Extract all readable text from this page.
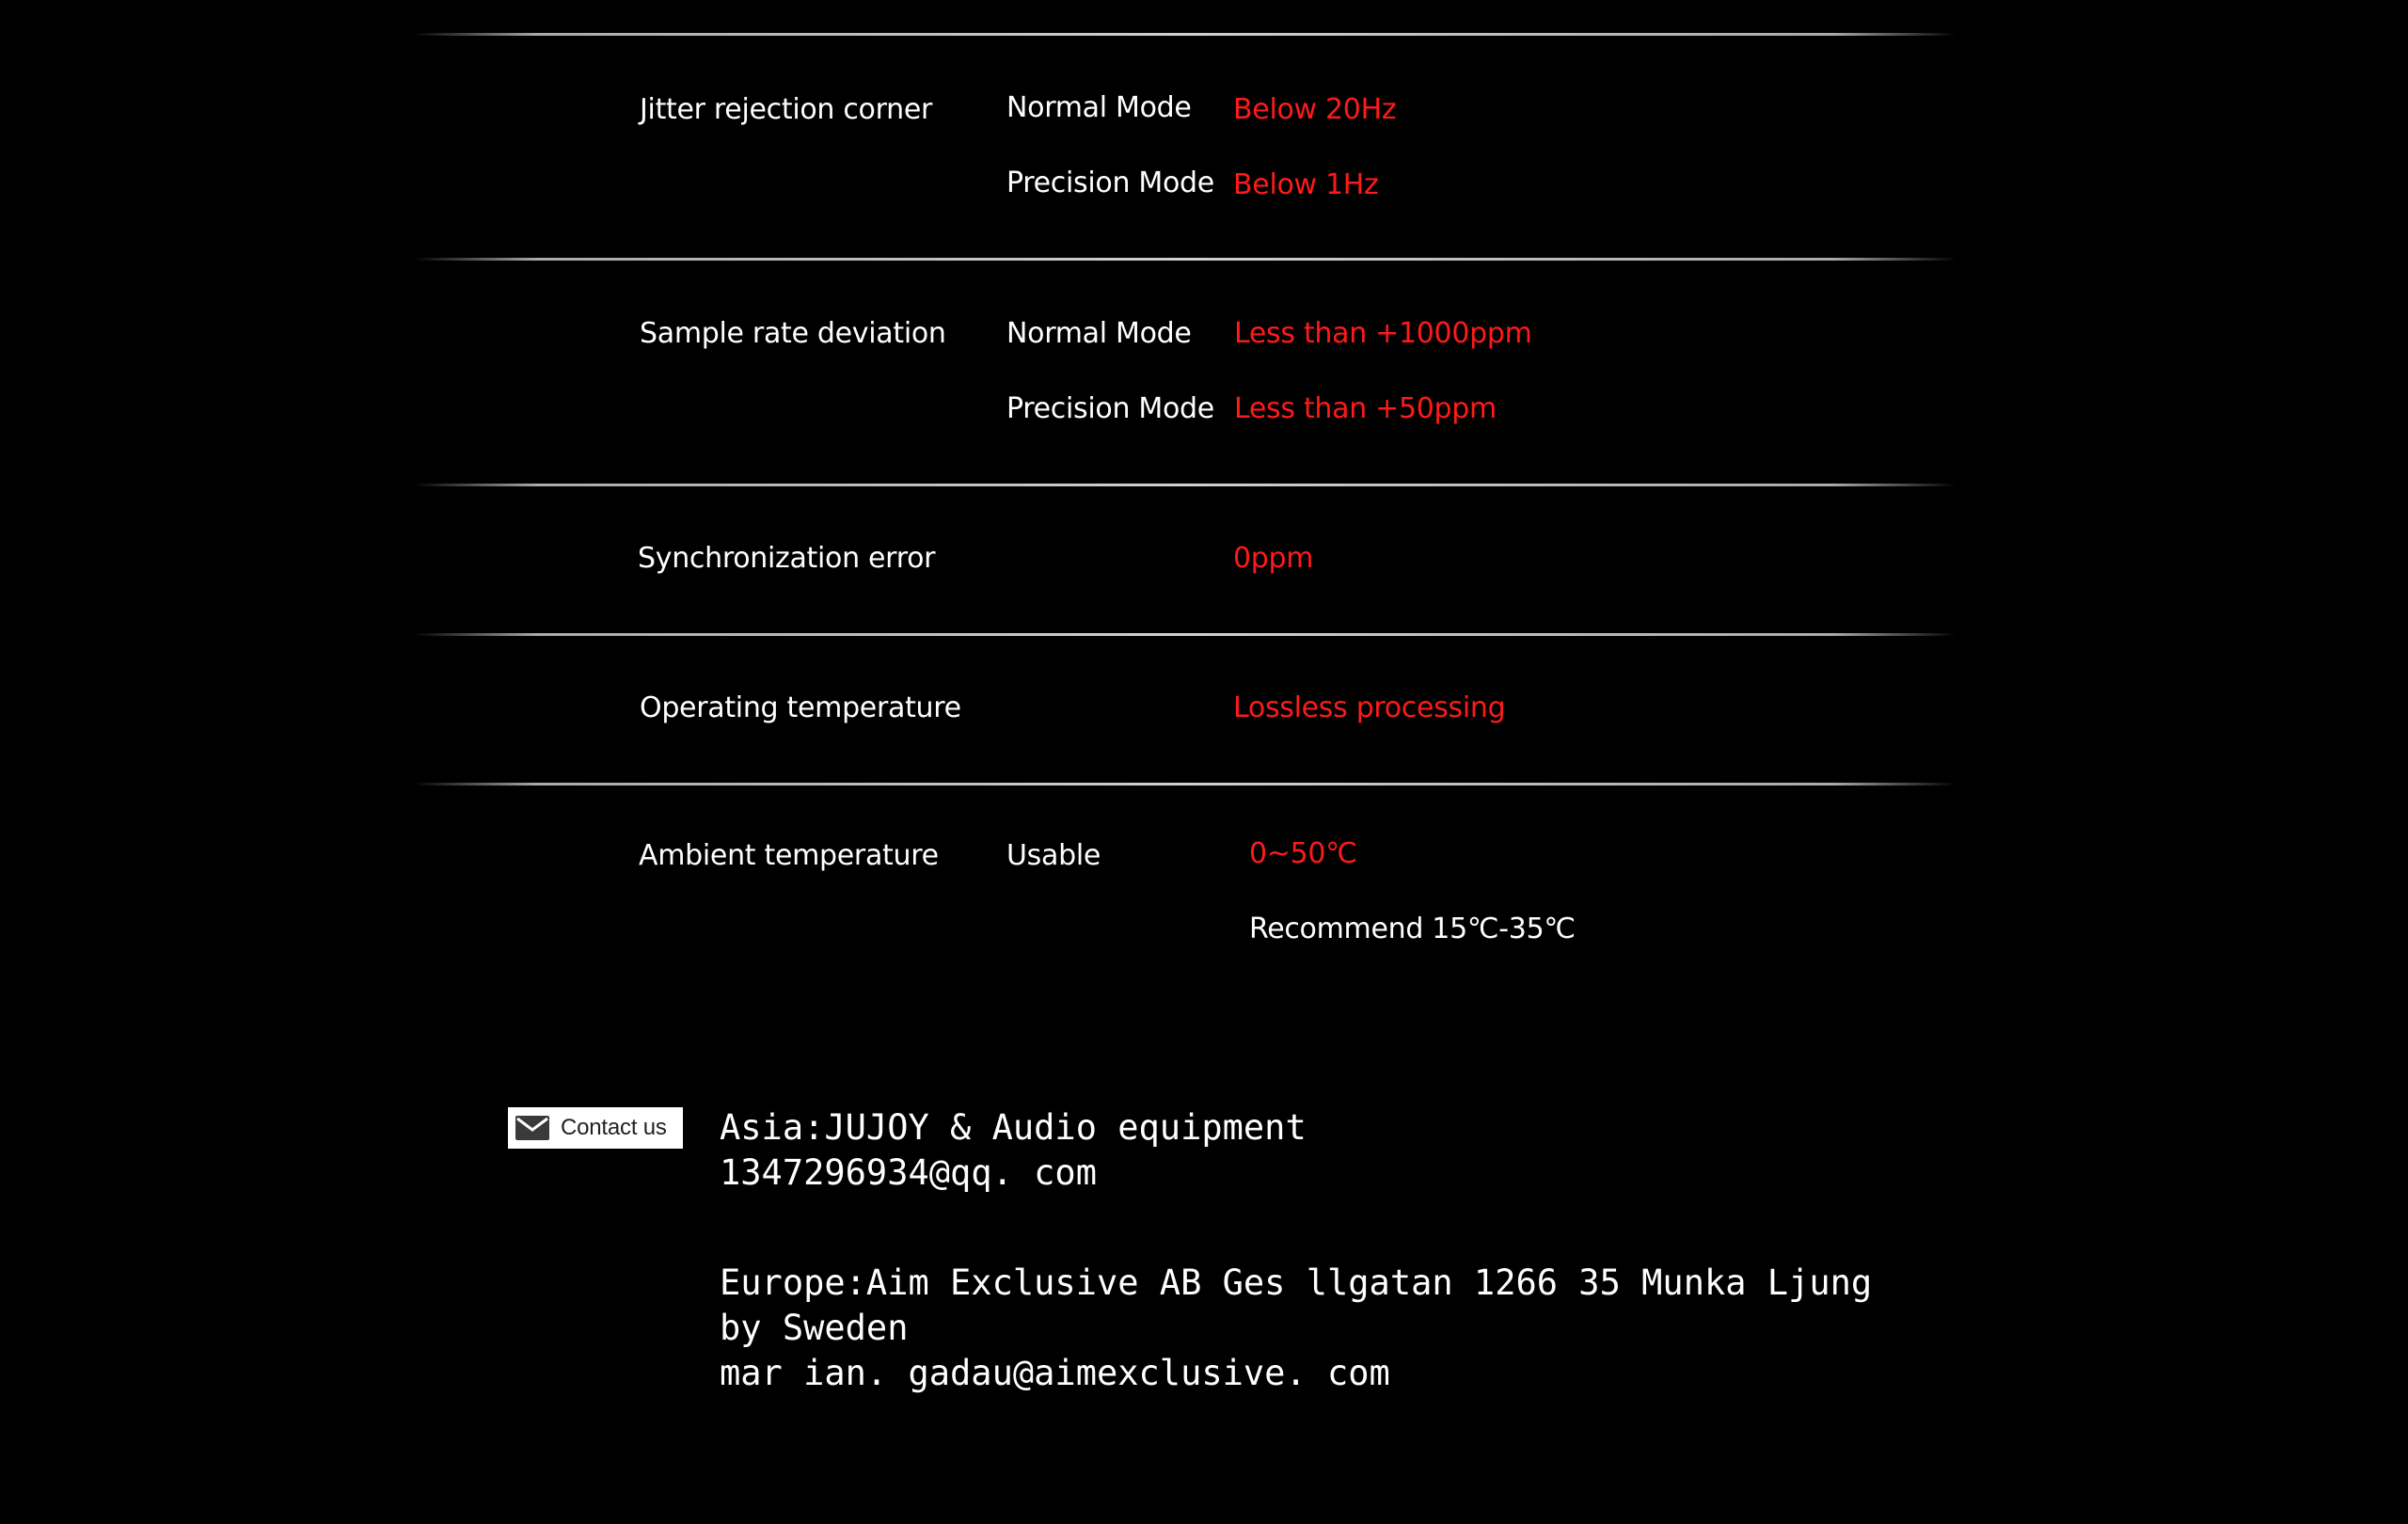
Jitter rejection corner	Normal Mode Below 20Hz
Precision Mode Below 1Hz
Sample rate deviation Normal Mode Less than +1000ppm
Precision Mode Less than +50ppm
Synchronization error	0ppm
Operating temperature	Lossless processing
Ambient temperature Usable	0~50℃
Recommend 15℃-35℃
Contact us Asia:JUJOY & Audio equipment
1347296934@qq. com
Europe:Aim Exclusive AB Ges llgatan 1266 35 Munka Ljung
by Sweden
mar ian. gadau@aimexclusive. com
